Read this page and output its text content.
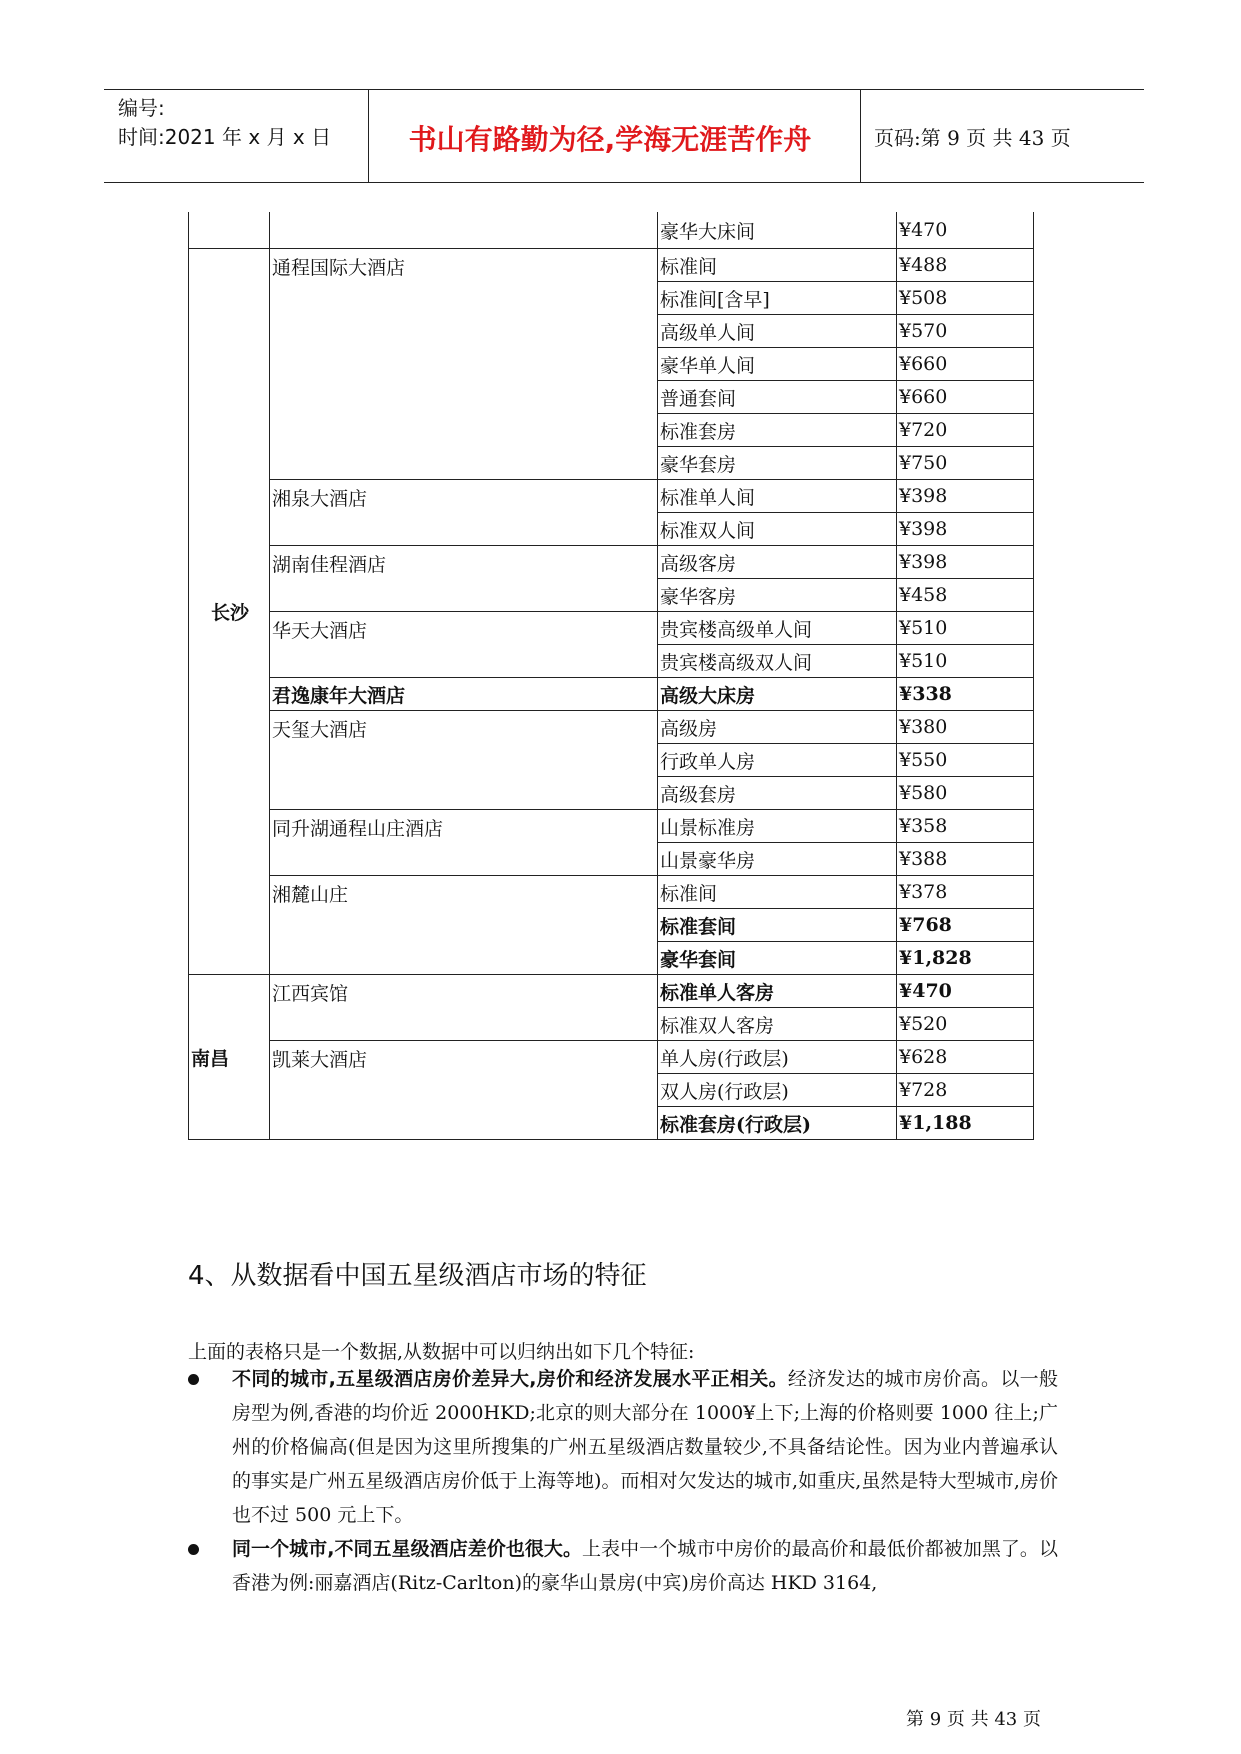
编号:
时间:2021 年 x 月 x 日	书山有路勤为径,学海无涯苦作舟	页码:第 9 页 共 43 页
		豪华大床间	¥470
长沙	通程国际大酒店	标准间	¥488
		标准间[含早]	¥508
		高级单人间	¥570
		豪华单人间	¥660
		普通套间	¥660
		标准套房	¥720
		豪华套房	¥750
	湘泉大酒店	标准单人间	¥398
		标准双人间	¥398
	湖南佳程酒店	高级客房	¥398
		豪华客房	¥458
	华天大酒店	贵宾楼高级单人间	¥510
		贵宾楼高级双人间	¥510
	君逸康年大酒店	高级大床房	¥338
	天玺大酒店	高级房	¥380
		行政单人房	¥550
		高级套房	¥580
	同升湖通程山庄酒店	山景标准房	¥358
		山景豪华房	¥388
	湘麓山庄	标准间	¥378
		标准套间	¥768
		豪华套间	¥1,828
南昌	江西宾馆	标准单人客房	¥470
		标准双人客房	¥520
	凯莱大酒店	单人房(行政层)	¥628
		双人房(行政层)	¥728
		标准套房(行政层)	¥1,188
4、从数据看中国五星级酒店市场的特征

上面的表格只是一个数据,从数据中可以归纳出如下几个特征:

不同的城市,五星级酒店房价差异大,房价和经济发展水平正相关。经济发达的城市房价高。以一般房型为例,香港的均价近 2000HKD;北京的则大部分在 1000¥上下;上海的价格则要 1000 往上;广州的价格偏高(但是因为这里所搜集的广州五星级酒店数量较少,不具备结论性。因为业内普遍承认的事实是广州五星级酒店房价低于上海等地)。而相对欠发达的城市,如重庆,虽然是特大型城市,房价也不过 500 元上下。
同一个城市,不同五星级酒店差价也很大。上表中一个城市中房价的最高价和最低价都被加黑了。以香港为例:丽嘉酒店(Ritz-Carlton)的豪华山景房(中宾)房价高达 HKD 3164,
第 9 页 共 43 页
